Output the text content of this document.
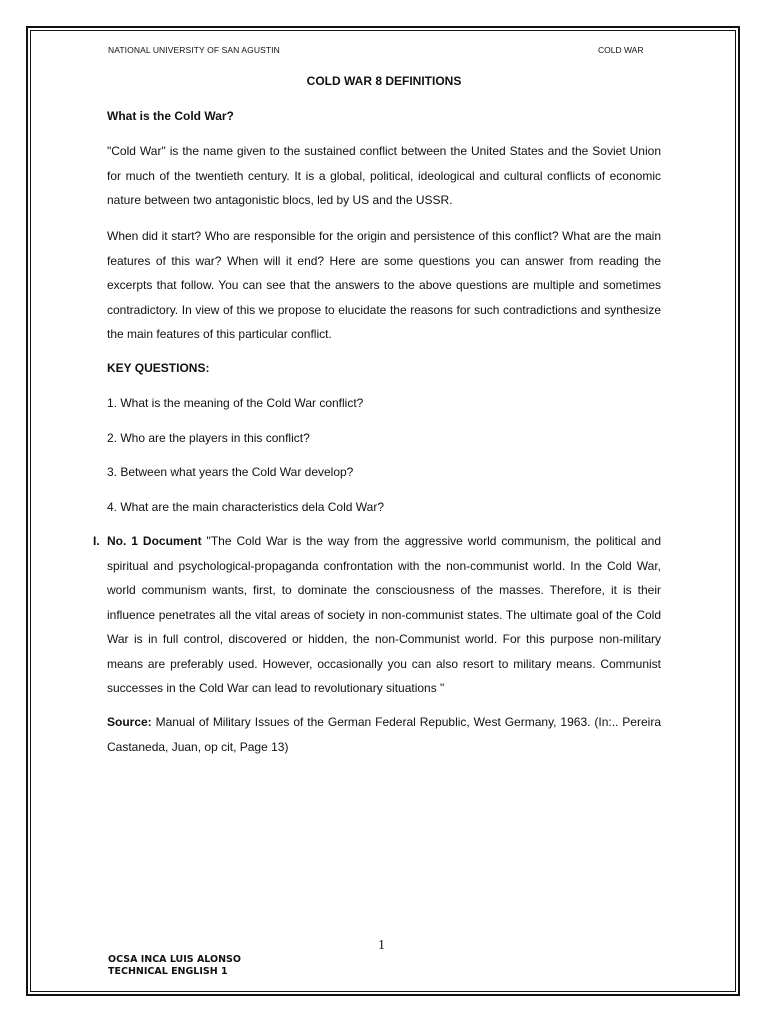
NATIONAL UNIVERSITY OF SAN AGUSTIN	COLD WAR
COLD WAR 8 DEFINITIONS
What is the Cold War?
"Cold War" is the name given to the sustained conflict between the United States and the Soviet Union for much of the twentieth century. It is a global, political, ideological and cultural conflicts of economic nature between two antagonistic blocs, led by US and the USSR.
When did it start? Who are responsible for the origin and persistence of this conflict? What are the main features of this war? When will it end? Here are some questions you can answer from reading the excerpts that follow. You can see that the answers to the above questions are multiple and sometimes contradictory. In view of this we propose to elucidate the reasons for such contradictions and synthesize the main features of this particular conflict.
KEY QUESTIONS:
1. What is the meaning of the Cold War conflict?
2. Who are the players in this conflict?
3. Between what years the Cold War develop?
4. What are the main characteristics dela Cold War?
I. No. 1 Document "The Cold War is the way from the aggressive world communism, the political and spiritual and psychological-propaganda confrontation with the non-communist world. In the Cold War, world communism wants, first, to dominate the consciousness of the masses. Therefore, it is their influence penetrates all the vital areas of society in non-communist states. The ultimate goal of the Cold War is in full control, discovered or hidden, the non-Communist world. For this purpose non-military means are preferably used. However, occasionally you can also resort to military means. Communist successes in the Cold War can lead to revolutionary situations "
Source: Manual of Military Issues of the German Federal Republic, West Germany, 1963. (In:.. Pereira Castaneda, Juan, op cit, Page 13)
1
OCSA INCA LUIS ALONSO
TECHNICAL ENGLISH 1
